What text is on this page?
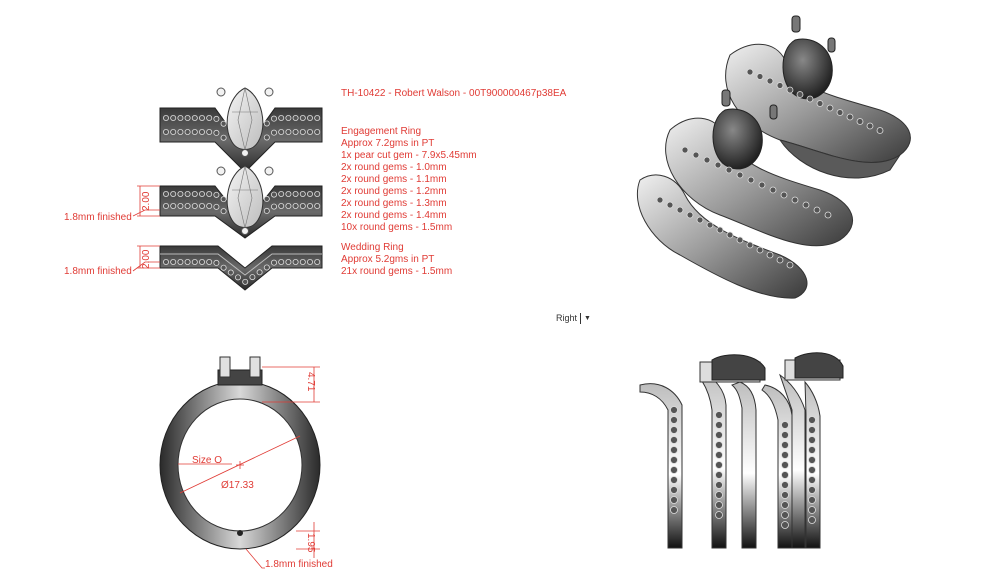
2.00
2.00
1.8mm finished
1.8mm finished
TH-10422 - Robert Walson - 00T900000467p38EA
Engagement Ring
Approx 7.2gms in PT
1x pear cut gem - 7.9x5.45mm
2x round gems - 1.0mm
2x round gems - 1.1mm
2x round gems - 1.2mm
2x round gems - 1.3mm
2x round gems - 1.4mm
10x round gems - 1.5mm
Wedding Ring
Approx 5.2gms in PT
21x round gems - 1.5mm
Right ▼
4.71
1.95
Size O
Ø17.33
1.8mm finished
